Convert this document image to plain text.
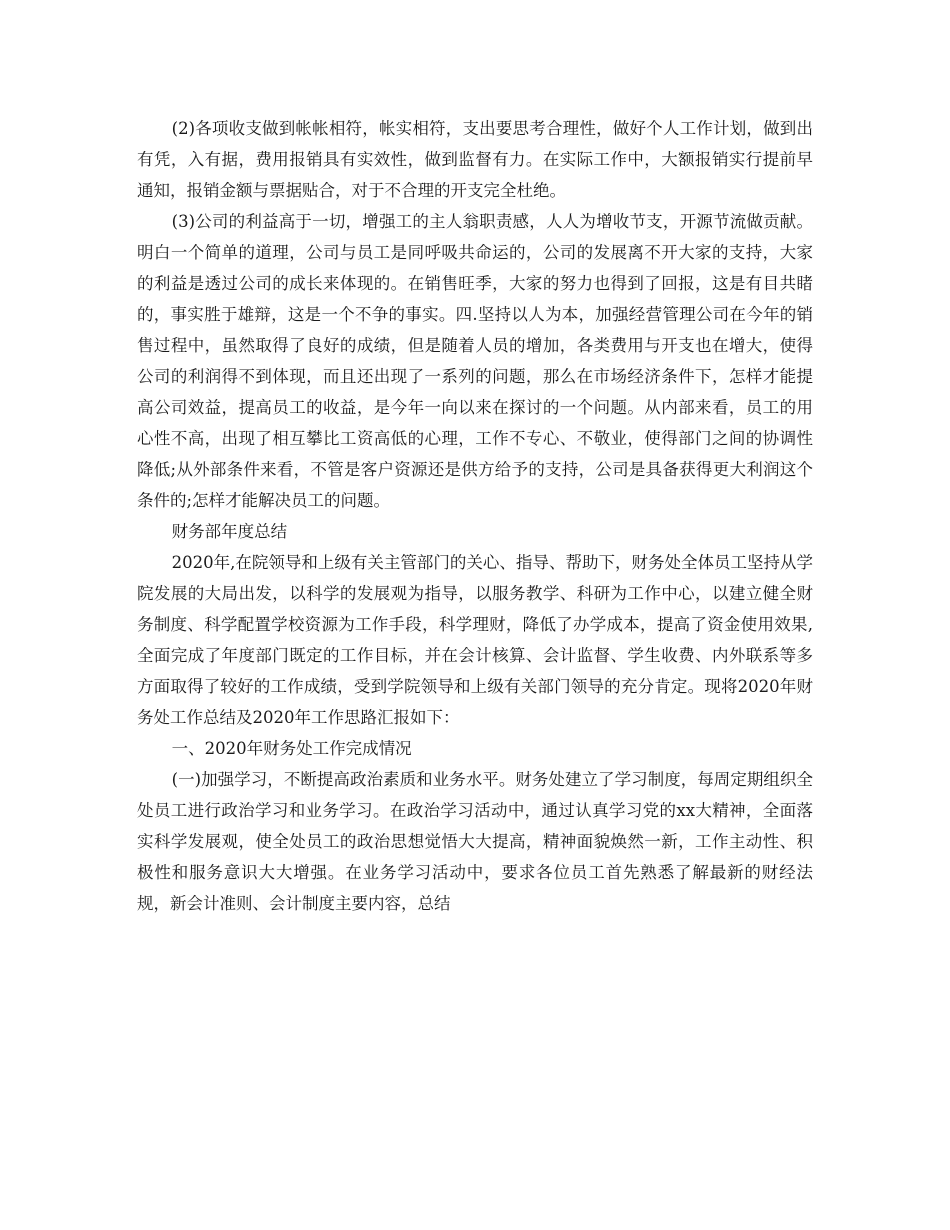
(2)各项收支做到帐帐相符，帐实相符，支出要思考合理性，做好个人工作计划，做到出有凭，入有据，费用报销具有实效性，做到监督有力。在实际工作中，大额报销实行提前早通知，报销金额与票据贴合，对于不合理的开支完全杜绝。

(3)公司的利益高于一切，增强工的主人翁职责感，人人为增收节支，开源节流做贡献。明白一个简单的道理，公司与员工是同呼吸共命运的，公司的发展离不开大家的支持，大家的利益是透过公司的成长来体现的。在销售旺季，大家的努力也得到了回报，这是有目共睹的，事实胜于雄辩，这是一个不争的事实。四.坚持以人为本，加强经营管理公司在今年的销售过程中，虽然取得了良好的成绩，但是随着人员的增加，各类费用与开支也在增大，使得公司的利润得不到体现，而且还出现了一系列的问题，那么在市场经济条件下，怎样才能提高公司效益，提高员工的收益，是今年一向以来在探讨的一个问题。从内部来看，员工的用心性不高，出现了相互攀比工资高低的心理，工作不专心、不敬业，使得部门之间的协调性降低;从外部条件来看，不管是客户资源还是供方给予的支持，公司是具备获得更大利润这个条件的;怎样才能解决员工的问题。

财务部年度总结

2020年,在院领导和上级有关主管部门的关心、指导、帮助下，财务处全体员工坚持从学院发展的大局出发，以科学的发展观为指导，以服务教学、科研为工作中心，以建立健全财务制度、科学配置学校资源为工作手段，科学理财，降低了办学成本，提高了资金使用效果,全面完成了年度部门既定的工作目标，并在会计核算、会计监督、学生收费、内外联系等多方面取得了较好的工作成绩，受到学院领导和上级有关部门领导的充分肯定。现将2020年财务处工作总结及2020年工作思路汇报如下：

一、2020年财务处工作完成情况

(一)加强学习，不断提高政治素质和业务水平。财务处建立了学习制度，每周定期组织全处员工进行政治学习和业务学习。在政治学习活动中，通过认真学习党的xx大精神，全面落实科学发展观，使全处员工的政治思想觉悟大大提高，精神面貌焕然一新，工作主动性、积极性和服务意识大大增强。在业务学习活动中，要求各位员工首先熟悉了解最新的财经法规，新会计准则、会计制度主要内容，总结
